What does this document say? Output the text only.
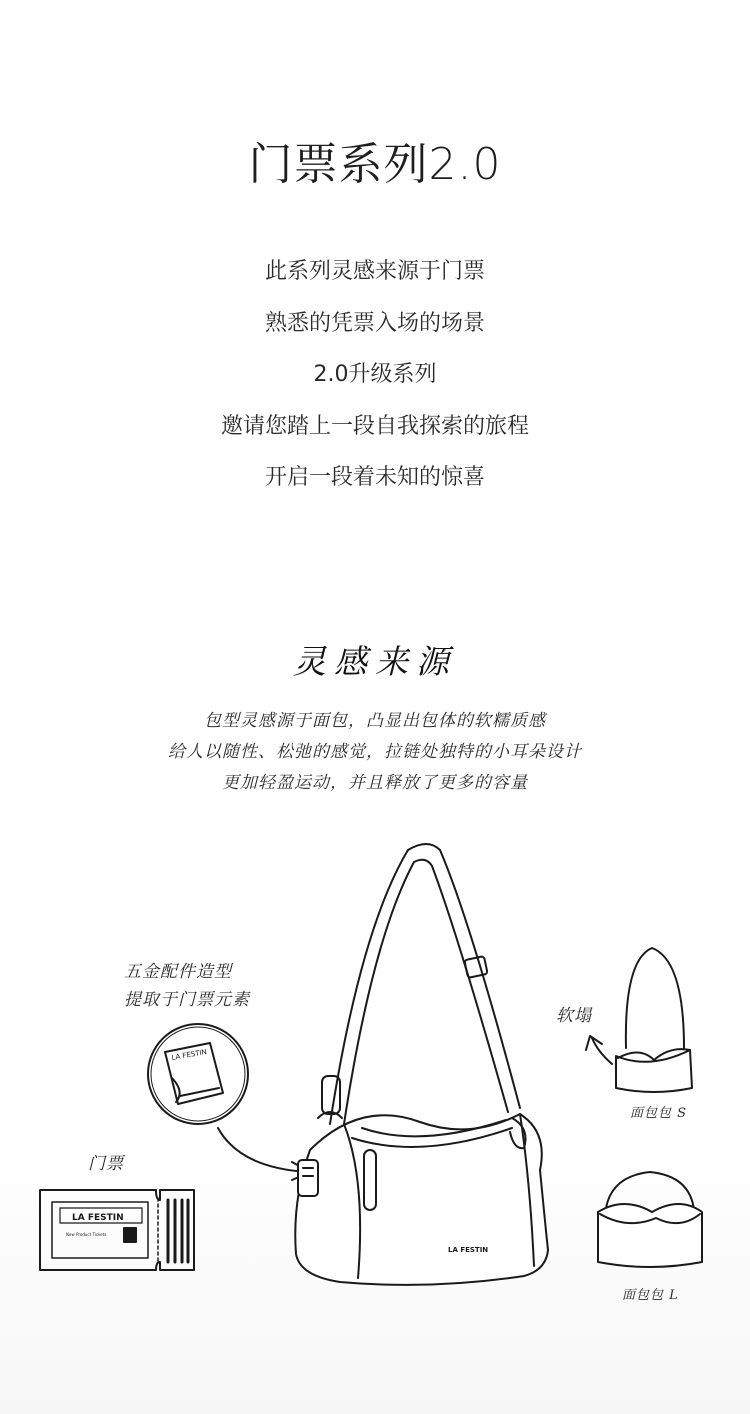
门票系列2.0
此系列灵感来源于门票
熟悉的凭票入场的场景
2.0升级系列
邀请您踏上一段自我探索的旅程
开启一段着未知的惊喜
灵感来源
包型灵感源于面包，凸显出包体的软糯质感
给人以随性、松弛的感觉，拉链处独特的小耳朵设计
更加轻盈运动，并且释放了更多的容量
五金配件造型
提取于门票元素
门票
软塌
面包包 S
面包包 L
LA FESTIN
LA FESTIN
New Product Tickets
LA FESTIN
